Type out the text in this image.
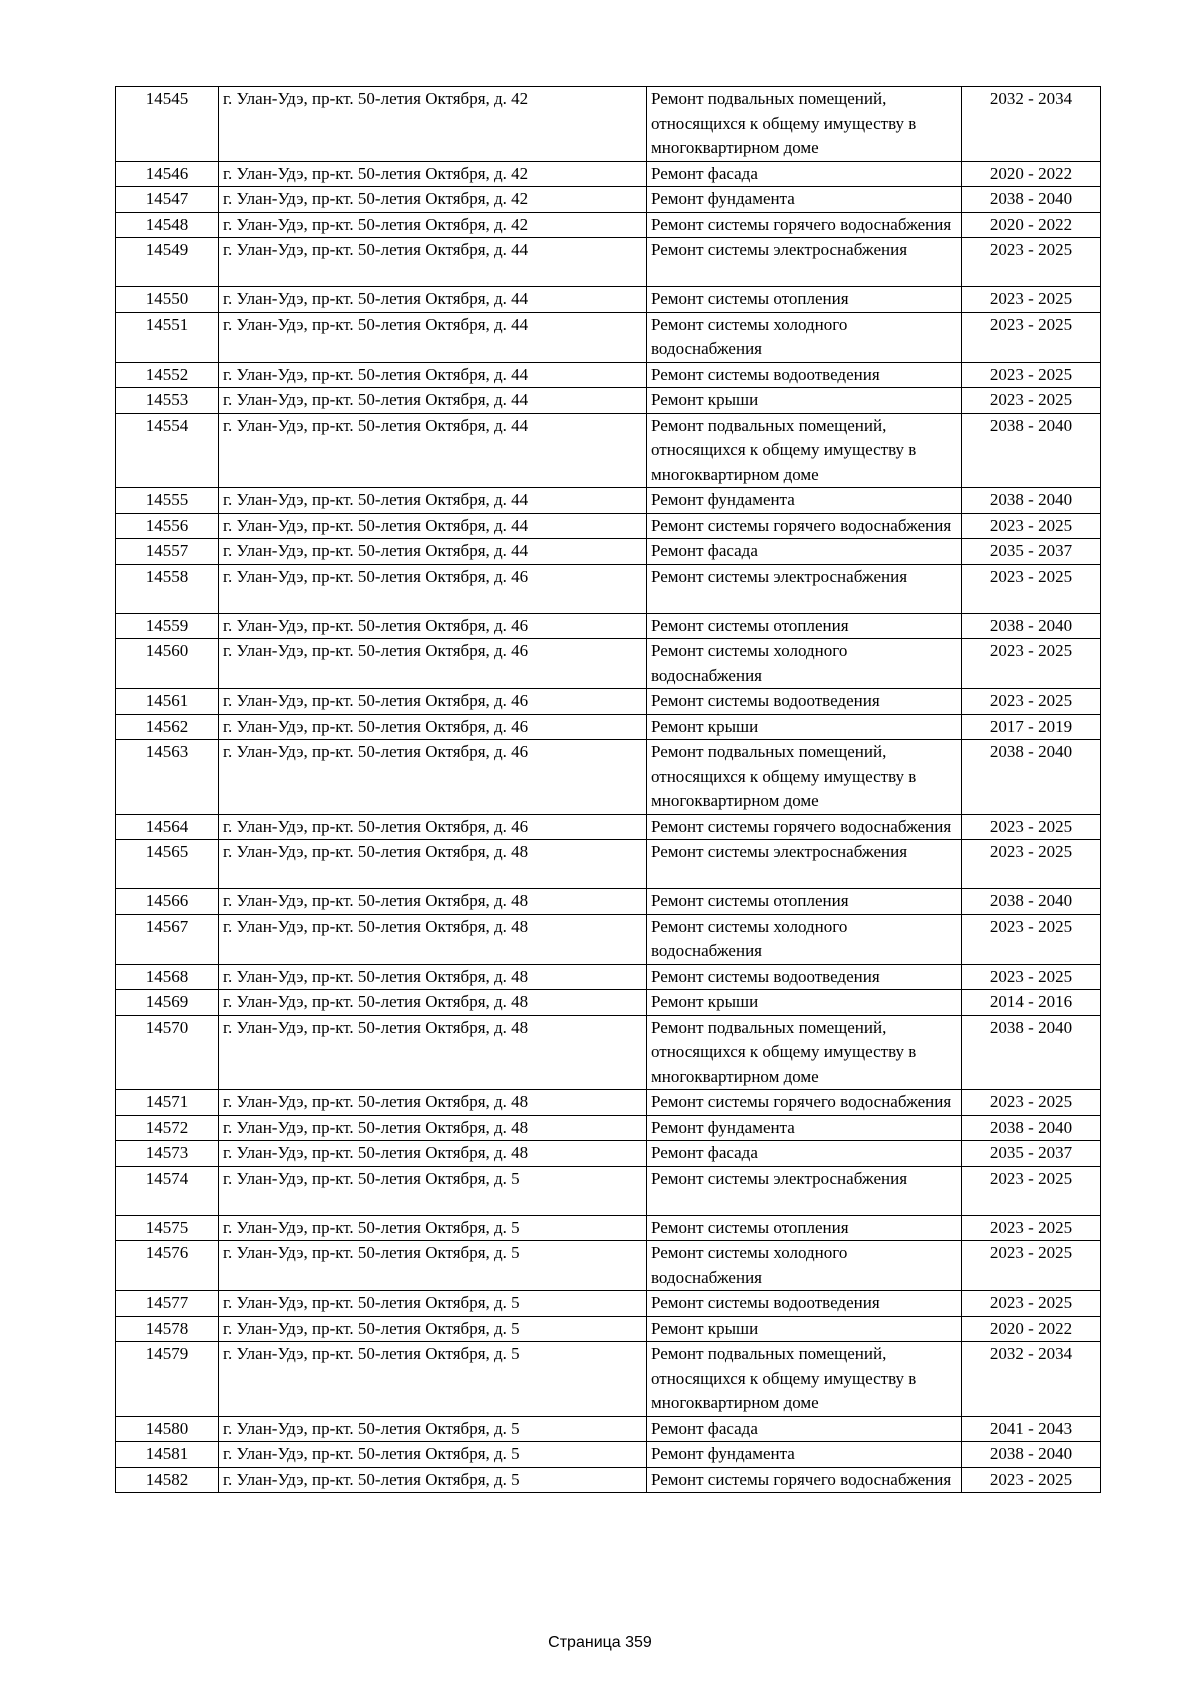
14545	г. Улан-Удэ, пр-кт. 50-летия Октября, д. 42	Ремонт подвальных помещений, относящихся к общему имуществу в многоквартирном доме	2032 - 2034
14546	г. Улан-Удэ, пр-кт. 50-летия Октября, д. 42	Ремонт фасада	2020 - 2022
14547	г. Улан-Удэ, пр-кт. 50-летия Октября, д. 42	Ремонт фундамента	2038 - 2040
14548	г. Улан-Удэ, пр-кт. 50-летия Октября, д. 42	Ремонт системы горячего водоснабжения	2020 - 2022
14549	г. Улан-Удэ, пр-кт. 50-летия Октября, д. 44	Ремонт системы электроснабжения	2023 - 2025
14550	г. Улан-Удэ, пр-кт. 50-летия Октября, д. 44	Ремонт системы отопления	2023 - 2025
14551	г. Улан-Удэ, пр-кт. 50-летия Октября, д. 44	Ремонт системы холодного водоснабжения	2023 - 2025
14552	г. Улан-Удэ, пр-кт. 50-летия Октября, д. 44	Ремонт системы водоотведения	2023 - 2025
14553	г. Улан-Удэ, пр-кт. 50-летия Октября, д. 44	Ремонт крыши	2023 - 2025
14554	г. Улан-Удэ, пр-кт. 50-летия Октября, д. 44	Ремонт подвальных помещений, относящихся к общему имуществу в многоквартирном доме	2038 - 2040
14555	г. Улан-Удэ, пр-кт. 50-летия Октября, д. 44	Ремонт фундамента	2038 - 2040
14556	г. Улан-Удэ, пр-кт. 50-летия Октября, д. 44	Ремонт системы горячего водоснабжения	2023 - 2025
14557	г. Улан-Удэ, пр-кт. 50-летия Октября, д. 44	Ремонт фасада	2035 - 2037
14558	г. Улан-Удэ, пр-кт. 50-летия Октября, д. 46	Ремонт системы электроснабжения	2023 - 2025
14559	г. Улан-Удэ, пр-кт. 50-летия Октября, д. 46	Ремонт системы отопления	2038 - 2040
14560	г. Улан-Удэ, пр-кт. 50-летия Октября, д. 46	Ремонт системы холодного водоснабжения	2023 - 2025
14561	г. Улан-Удэ, пр-кт. 50-летия Октября, д. 46	Ремонт системы водоотведения	2023 - 2025
14562	г. Улан-Удэ, пр-кт. 50-летия Октября, д. 46	Ремонт крыши	2017 - 2019
14563	г. Улан-Удэ, пр-кт. 50-летия Октября, д. 46	Ремонт подвальных помещений, относящихся к общему имуществу в многоквартирном доме	2038 - 2040
14564	г. Улан-Удэ, пр-кт. 50-летия Октября, д. 46	Ремонт системы горячего водоснабжения	2023 - 2025
14565	г. Улан-Удэ, пр-кт. 50-летия Октября, д. 48	Ремонт системы электроснабжения	2023 - 2025
14566	г. Улан-Удэ, пр-кт. 50-летия Октября, д. 48	Ремонт системы отопления	2038 - 2040
14567	г. Улан-Удэ, пр-кт. 50-летия Октября, д. 48	Ремонт системы холодного водоснабжения	2023 - 2025
14568	г. Улан-Удэ, пр-кт. 50-летия Октября, д. 48	Ремонт системы водоотведения	2023 - 2025
14569	г. Улан-Удэ, пр-кт. 50-летия Октября, д. 48	Ремонт крыши	2014 - 2016
14570	г. Улан-Удэ, пр-кт. 50-летия Октября, д. 48	Ремонт подвальных помещений, относящихся к общему имуществу в многоквартирном доме	2038 - 2040
14571	г. Улан-Удэ, пр-кт. 50-летия Октября, д. 48	Ремонт системы горячего водоснабжения	2023 - 2025
14572	г. Улан-Удэ, пр-кт. 50-летия Октября, д. 48	Ремонт фундамента	2038 - 2040
14573	г. Улан-Удэ, пр-кт. 50-летия Октября, д. 48	Ремонт фасада	2035 - 2037
14574	г. Улан-Удэ, пр-кт. 50-летия Октября, д. 5	Ремонт системы электроснабжения	2023 - 2025
14575	г. Улан-Удэ, пр-кт. 50-летия Октября, д. 5	Ремонт системы отопления	2023 - 2025
14576	г. Улан-Удэ, пр-кт. 50-летия Октября, д. 5	Ремонт системы холодного водоснабжения	2023 - 2025
14577	г. Улан-Удэ, пр-кт. 50-летия Октября, д. 5	Ремонт системы водоотведения	2023 - 2025
14578	г. Улан-Удэ, пр-кт. 50-летия Октября, д. 5	Ремонт крыши	2020 - 2022
14579	г. Улан-Удэ, пр-кт. 50-летия Октября, д. 5	Ремонт подвальных помещений, относящихся к общему имуществу в многоквартирном доме	2032 - 2034
14580	г. Улан-Удэ, пр-кт. 50-летия Октября, д. 5	Ремонт фасада	2041 - 2043
14581	г. Улан-Удэ, пр-кт. 50-летия Октября, д. 5	Ремонт фундамента	2038 - 2040
14582	г. Улан-Удэ, пр-кт. 50-летия Октября, д. 5	Ремонт системы горячего водоснабжения	2023 - 2025
Страница 359
